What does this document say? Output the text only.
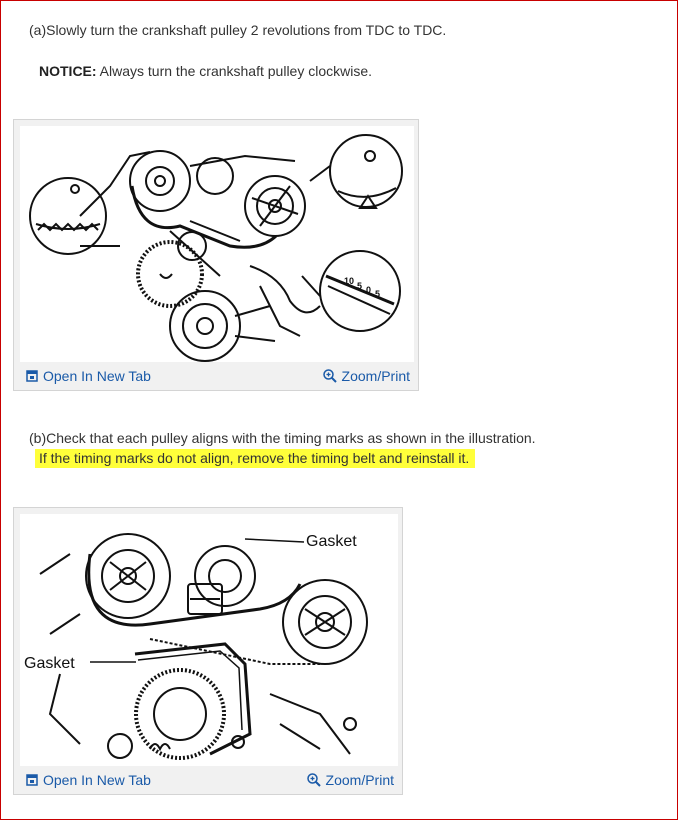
(a)Slowly turn the crankshaft pulley 2 revolutions from TDC to TDC.
NOTICE: Always turn the crankshaft pulley clockwise.
10 5 0 5
Open In New Tab	Zoom/Print
(b)Check that each pulley aligns with the timing marks as shown in the illustration.
If the timing marks do not align, remove the timing belt and reinstall it.
Gasket
Gasket
Open In New Tab	Zoom/Print
